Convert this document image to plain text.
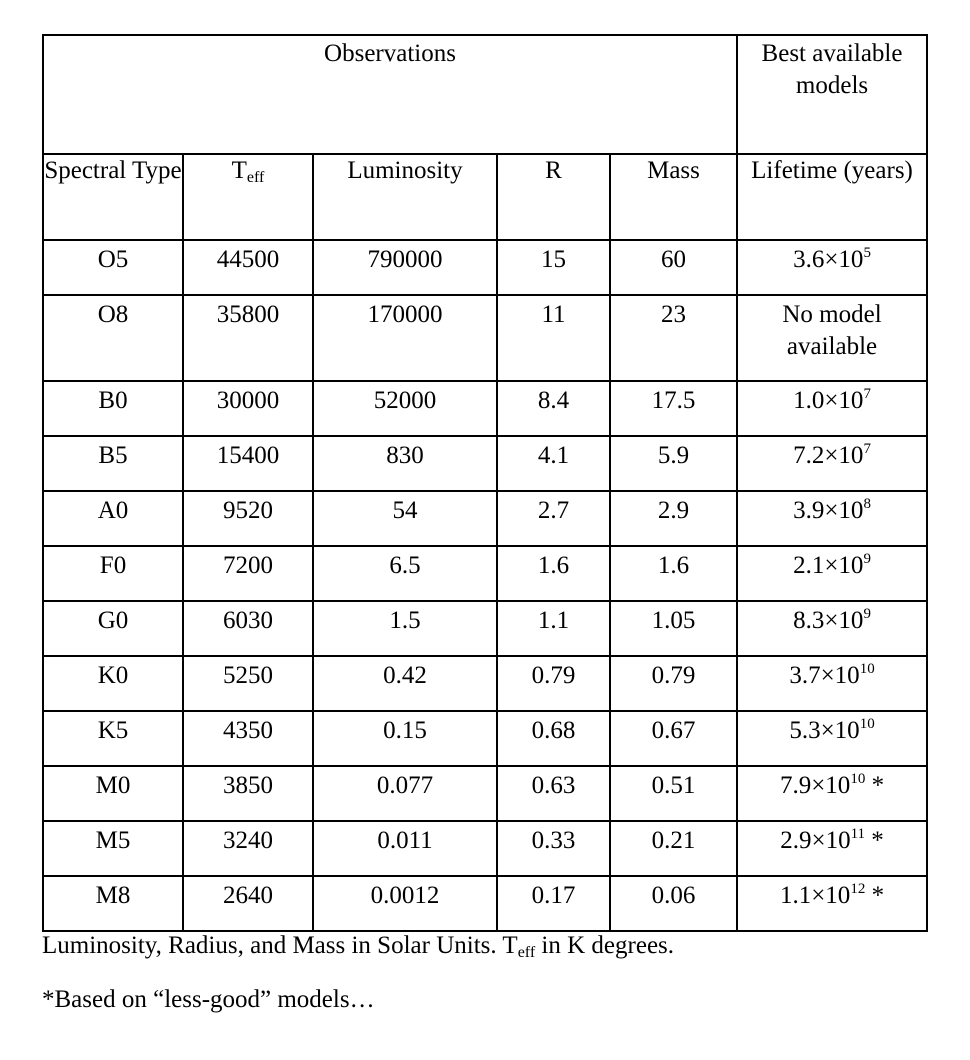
Observations					Best available models
Spectral Type	$T_{eff}$	Luminosity	R	Mass	Lifetime (years)
O5	44500	790000	15	60	$3.6\times 10^5$
O8	35800	170000	11	23	No model available
B0	30000	52000	8.4	17.5	$1.0\times 10^7$
B5	15400	830	4.1	5.9	$7.2\times 10^7$
A0	9520	54	2.7	2.9	$3.9\times 10^8$
F0	7200	6.5	1.6	1.6	$2.1\times 10^9$
G0	6030	1.5	1.1	1.05	$8.3\times 10^9$
K0	5250	0.42	0.79	0.79	$3.7\times 10^{10}$
K5	4350	0.15	0.68	0.67	$5.3\times 10^{10}$
M0	3850	0.077	0.63	0.51	$7.9\times 10^{10}$ *
M5	3240	0.011	0.33	0.21	$2.9\times 10^{11}$ *
M8	2640	0.0012	0.17	0.06	$1.1\times 10^{12}$ *
Luminosity, Radius, and Mass in Solar Units. $T_{eff}$ in K degrees.
*Based on “less-good” models…
